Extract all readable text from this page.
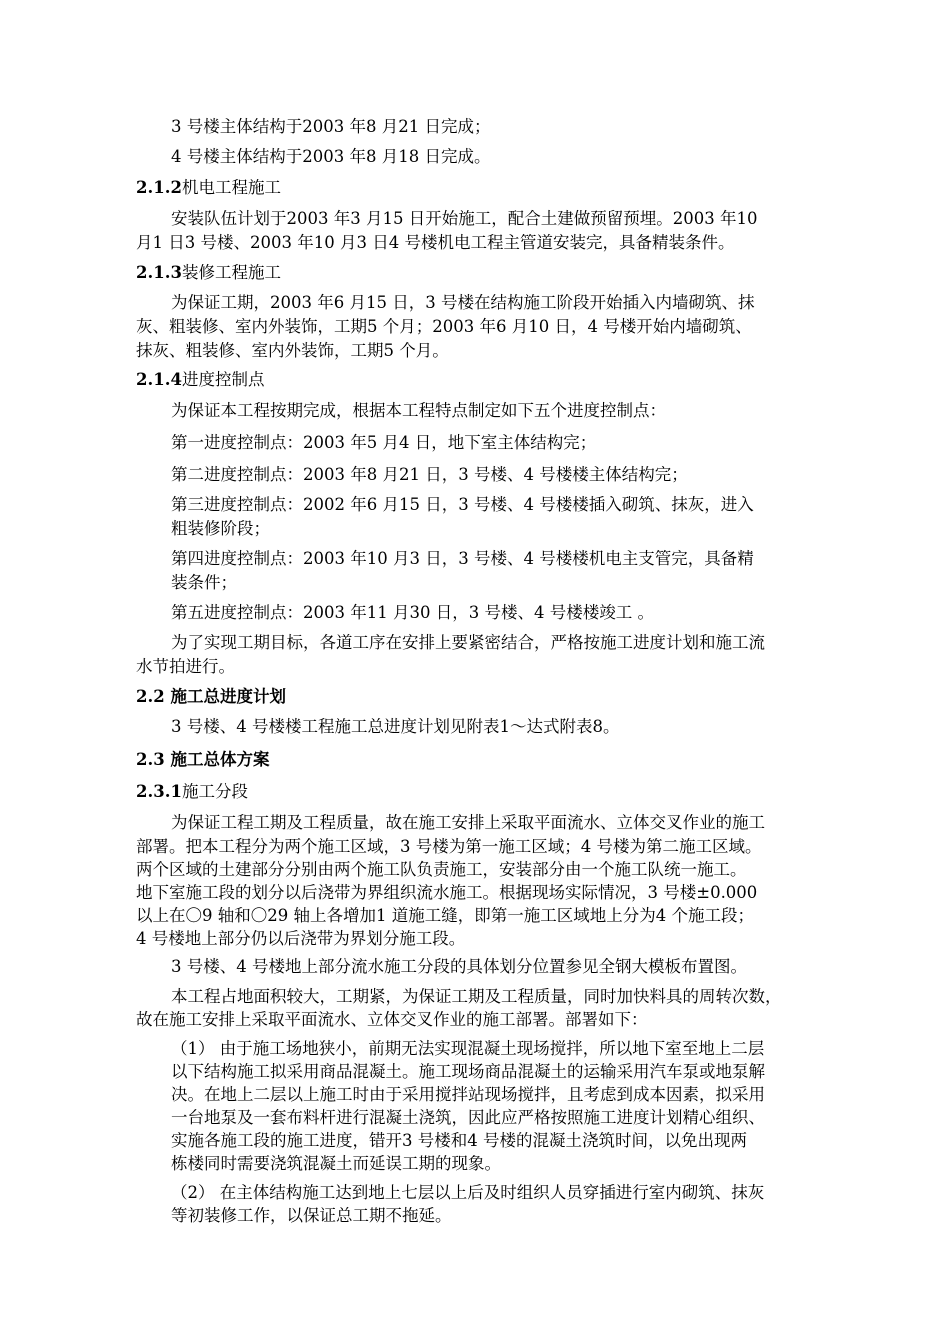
3 号楼主体结构于2003 年8 月21 日完成；
4 号楼主体结构于2003 年8 月18 日完成。
2.1.2机电工程施工
安装队伍计划于2003 年3 月15 日开始施工，配合土建做预留预埋。2003 年10
月1 日3 号楼、2003 年10 月3 日4 号楼机电工程主管道安装完，具备精装条件。
2.1.3装修工程施工
为保证工期，2003 年6 月15 日，3 号楼在结构施工阶段开始插入内墙砌筑、抹
灰、粗装修、室内外装饰，工期5 个月；2003 年6 月10 日，4 号楼开始内墙砌筑、
抹灰、粗装修、室内外装饰，工期5 个月。
2.1.4进度控制点
为保证本工程按期完成，根据本工程特点制定如下五个进度控制点：
第一进度控制点：2003 年5 月4 日，地下室主体结构完；
第二进度控制点：2003 年8 月21 日，3 号楼、4 号楼楼主体结构完；
第三进度控制点：2002 年6 月15 日，3 号楼、4 号楼楼插入砌筑、抹灰，进入
粗装修阶段；
第四进度控制点：2003 年10 月3 日，3 号楼、4 号楼楼机电主支管完，具备精
装条件；
第五进度控制点：2003 年11 月30 日，3 号楼、4 号楼楼竣工 。
为了实现工期目标，各道工序在安排上要紧密结合，严格按施工进度计划和施工流
水节拍进行。
2.2 施工总进度计划
3 号楼、4 号楼楼工程施工总进度计划见附表1～达式附表8。
2.3 施工总体方案
2.3.1施工分段
为保证工程工期及工程质量，故在施工安排上采取平面流水、立体交叉作业的施工
部署。把本工程分为两个施工区域，3 号楼为第一施工区域；4 号楼为第二施工区域。
两个区域的土建部分分别由两个施工队负责施工，安装部分由一个施工队统一施工。
地下室施工段的划分以后浇带为界组织流水施工。根据现场实际情况，3 号楼±0.000
以上在〇9 轴和〇29 轴上各增加1 道施工缝，即第一施工区域地上分为4 个施工段；
4 号楼地上部分仍以后浇带为界划分施工段。
3 号楼、4 号楼地上部分流水施工分段的具体划分位置参见全钢大模板布置图。
本工程占地面积较大，工期紧，为保证工期及工程质量，同时加快料具的周转次数，
故在施工安排上采取平面流水、立体交叉作业的施工部署。部署如下：
（1） 由于施工场地狭小，前期无法实现混凝土现场搅拌，所以地下室至地上二层
以下结构施工拟采用商品混凝土。施工现场商品混凝土的运输采用汽车泵或地泵解
决。在地上二层以上施工时由于采用搅拌站现场搅拌，且考虑到成本因素，拟采用
一台地泵及一套布料杆进行混凝土浇筑，因此应严格按照施工进度计划精心组织、
实施各施工段的施工进度，错开3 号楼和4 号楼的混凝土浇筑时间，以免出现两
栋楼同时需要浇筑混凝土而延误工期的现象。
（2） 在主体结构施工达到地上七层以上后及时组织人员穿插进行室内砌筑、抹灰
等初装修工作，以保证总工期不拖延。
